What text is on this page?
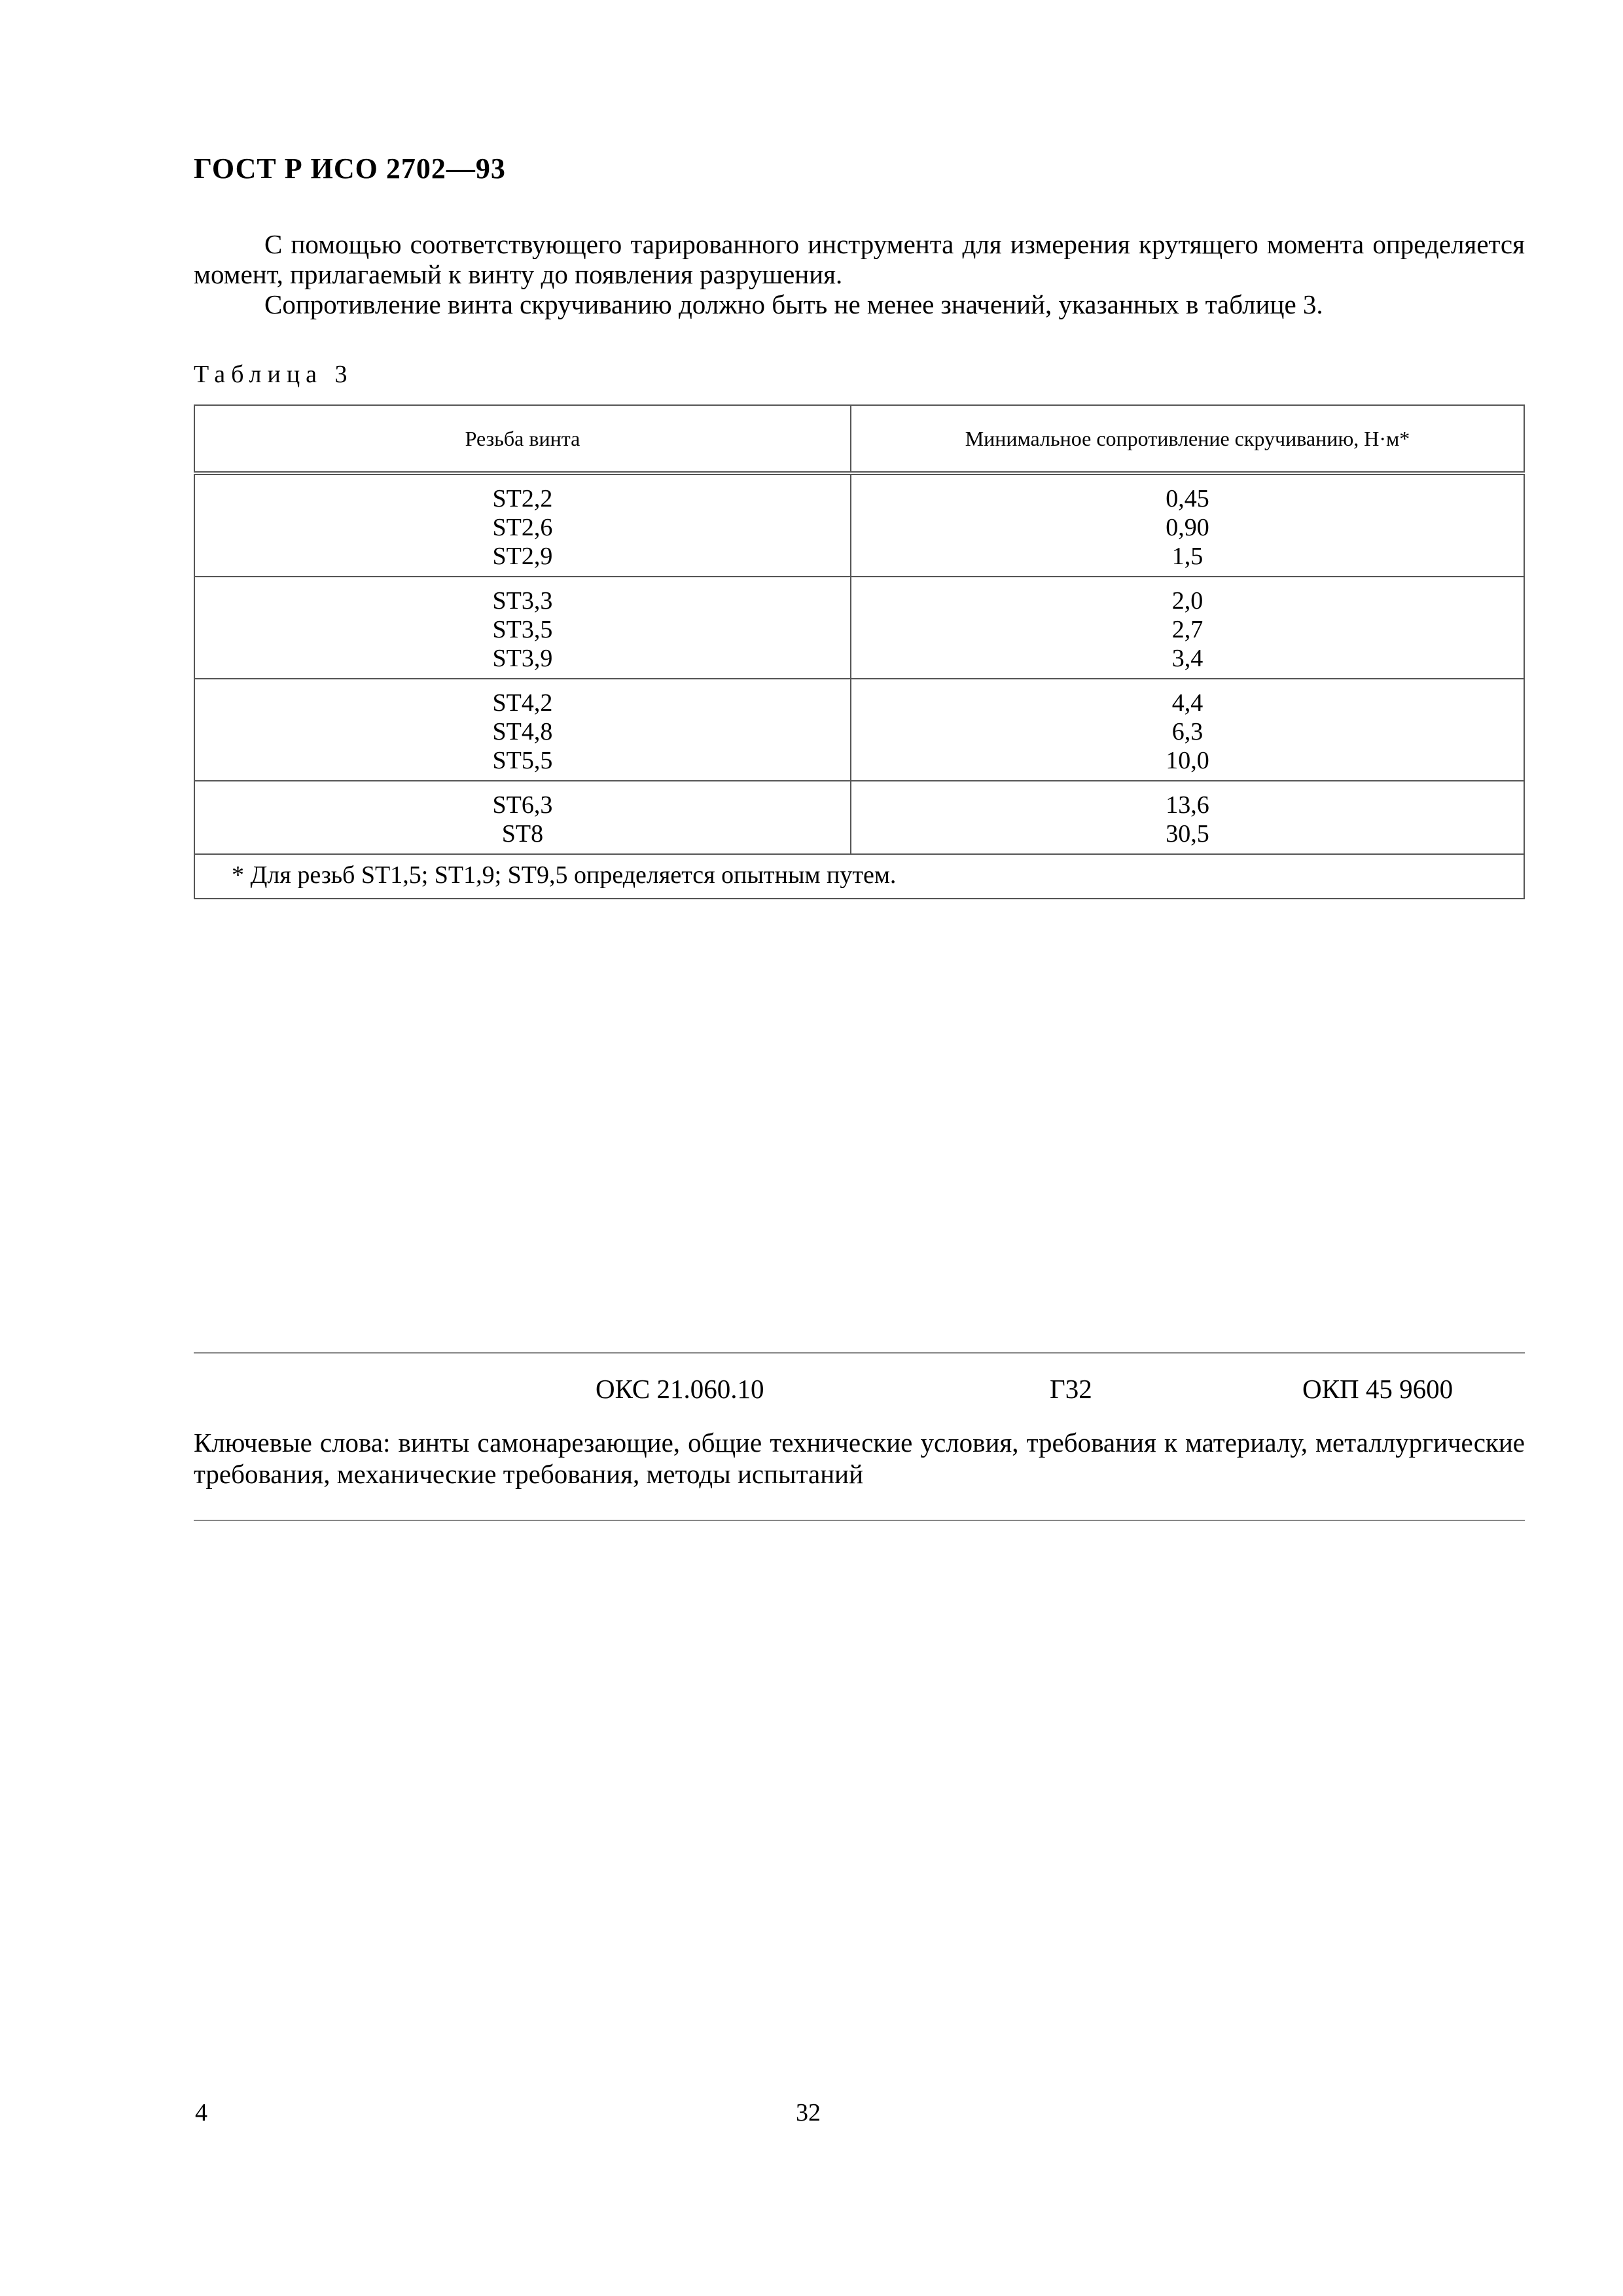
ГОСТ Р ИСО 2702—93

С помощью соответствующего тарированного инструмента для измерения крутящего момента определяется момент, прилагаемый к винту до появления разрушения.

Сопротивление винта скручиванию должно быть не менее значений, указанных в таблице 3.

Таблица 3
Резьба винта	Минимальное сопротивление скручиванию, Н·м*

ST2,2
ST2,6
ST2,9	0,45
0,90
1,5

ST3,3
ST3,5
ST3,9	2,0
2,7
3,4

ST4,2
ST4,8
ST5,5	4,4
6,3
10,0

ST6,3
ST8	13,6
30,5

* Для резьб ST1,5; ST1,9; ST9,5 определяется опытным путем.	
ОКС 21.060.10	Г32	ОКП 45 9600
Ключевые слова: винты самонарезающие, общие технические условия, требования к материалу, металлургические требования, механические требования, методы испытаний
4	32
